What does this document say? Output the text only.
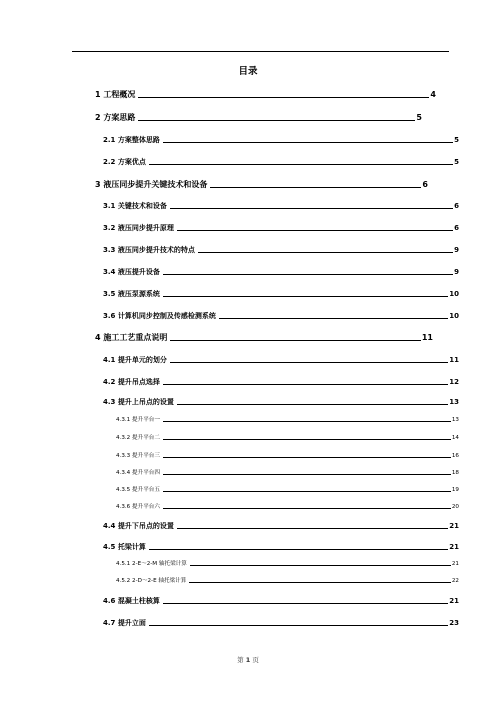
目录
1 工程概况	4
2 方案思路	5
2.1 方案整体思路	5
2.2 方案优点	5
3 液压同步提升关键技术和设备	6
3.1 关键技术和设备	6
3.2 液压同步提升原理	6
3.3 液压同步提升技术的特点	9
3.4 液压提升设备	9
3.5 液压泵源系统	10
3.6 计算机同步控制及传感检测系统	10
4 施工工艺重点说明	11
4.1 提升单元的划分	11
4.2 提升吊点选择	12
4.3 提升上吊点的设置	13
4.3.1 提升平台一	13
4.3.2 提升平台二	14
4.3.3 提升平台三	16
4.3.4 提升平台四	18
4.3.5 提升平台五	19
4.3.6 提升平台六	20
4.4 提升下吊点的设置	21
4.5 托梁计算	21
4.5.1 2-E～2-M 轴托梁计算	21
4.5.2 2-D～2-E 轴托梁计算	22
4.6 混凝土柱核算	21
4.7 提升立面	23
第 1 页
